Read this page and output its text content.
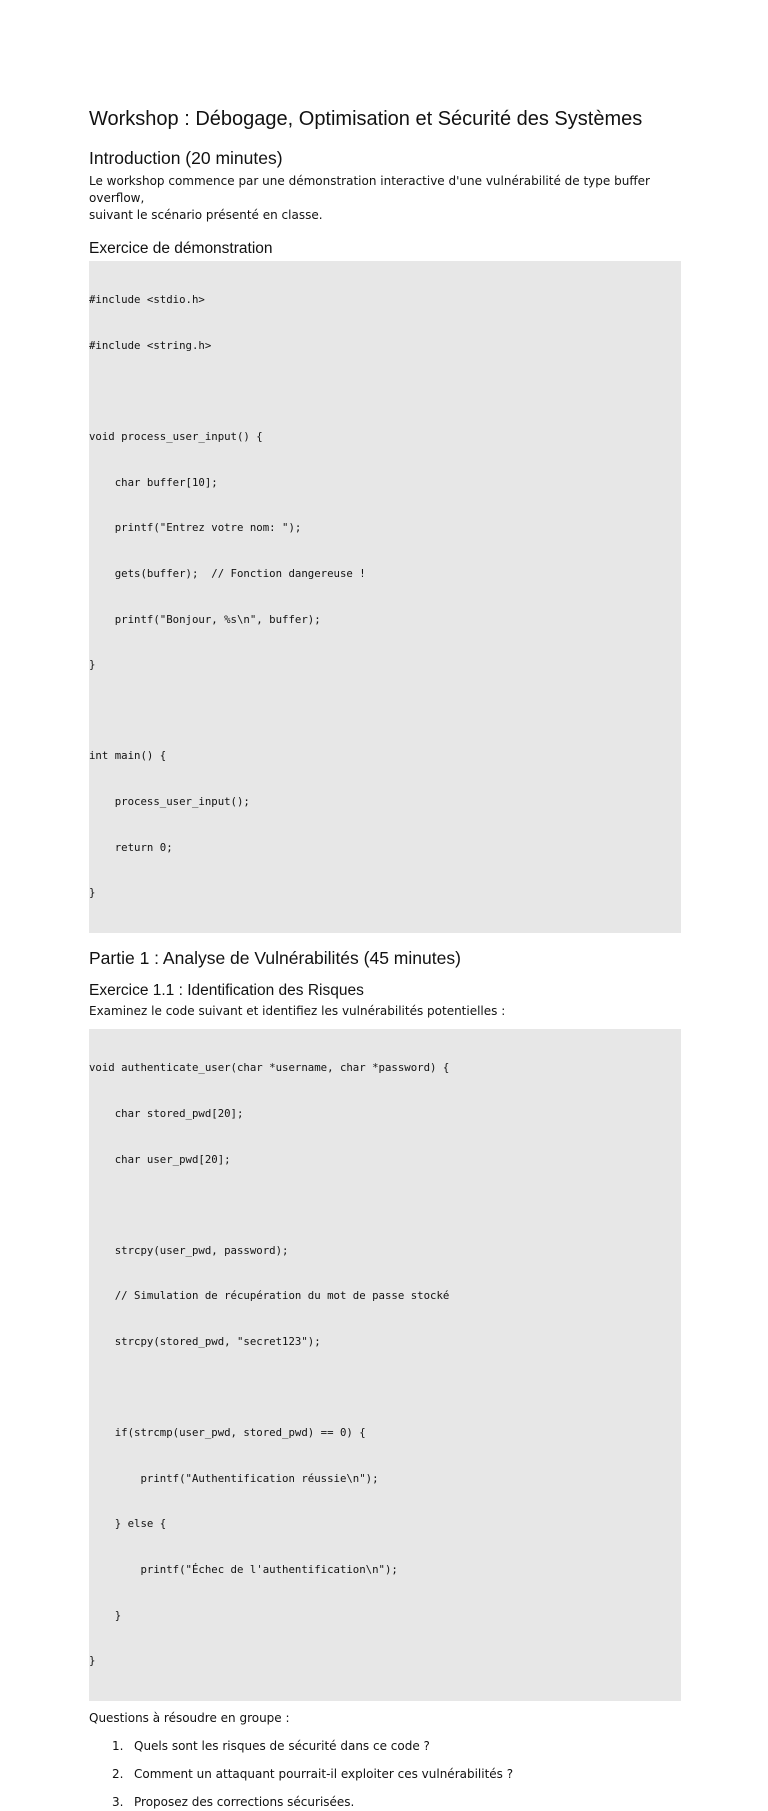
Workshop : Débogage, Optimisation et Sécurité des Systèmes
Introduction (20 minutes)

Le workshop commence par une démonstration interactive d'une vulnérabilité de type buffer overflow,

suivant le scénario présenté en classe.

Exercice de démonstration

#include <stdio.h>

#include <string.h>

void process_user_input() {

char buffer[10];

printf("Entrez votre nom: ");

gets(buffer);  // Fonction dangereuse !

printf("Bonjour, %s\n", buffer);

}

int main() {

process_user_input();

return 0;

}

Partie 1 : Analyse de Vulnérabilités (45 minutes)
Exercice 1.1 : Identification des Risques

Examinez le code suivant et identifiez les vulnérabilités potentielles :

void authenticate_user(char *username, char *password) {

char stored_pwd[20];

char user_pwd[20];

strcpy(user_pwd, password);

// Simulation de récupération du mot de passe stocké

strcpy(stored_pwd, "secret123");

if(strcmp(user_pwd, stored_pwd) == 0) {

printf("Authentification réussie\n");

} else {

printf("Échec de l'authentification\n");

}

}

Questions à résoudre en groupe :

1. Quels sont les risques de sécurité dans ce code ?
2. Comment un attaquant pourrait-il exploiter ces vulnérabilités ?
3. Proposez des corrections sécurisées.
